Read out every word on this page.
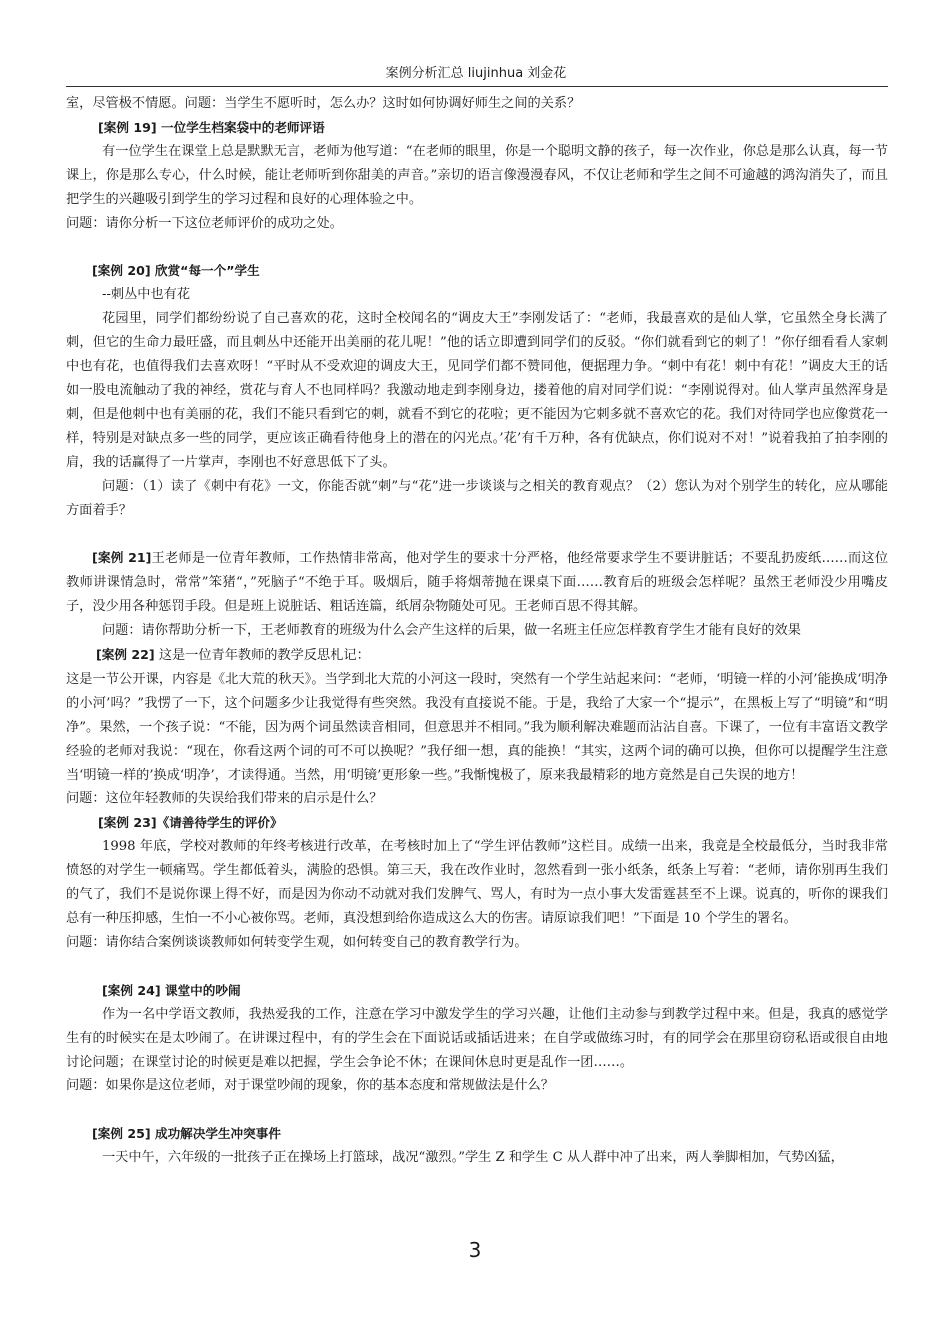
案例分析汇总 liujinhua 刘金花

室，尽管极不情愿。问题：当学生不愿听时，怎么办？这时如何协调好师生之间的关系？

[案例 19] 一位学生档案袋中的老师评语

有一位学生在课堂上总是默默无言，老师为他写道：“在老师的眼里，你是一个聪明文静的孩子，每一次作业，你总是那么认真，每一节课上，你是那么专心，什么时候，能让老师听到你甜美的声音。”亲切的语言像漫漫春风，不仅让老师和学生之间不可逾越的鸿沟消失了，而且把学生的兴趣吸引到学生的学习过程和良好的心理体验之中。

问题：请你分析一下这位老师评价的成功之处。

[案例 20] 欣赏“每一个”学生

--刺丛中也有花

花园里，同学们都纷纷说了自己喜欢的花，这时全校闻名的“调皮大王”李刚发话了：“老师，我最喜欢的是仙人掌，它虽然全身长满了刺，但它的生命力最旺盛，而且刺丛中还能开出美丽的花儿呢！”他的话立即遭到同学们的反驳。“你们就看到它的刺了！”你仔细看看人家刺中也有花，也值得我们去喜欢呀！“平时从不受欢迎的调皮大王，见同学们都不赞同他，便据理力争。“刺中有花！刺中有花！”调皮大王的话如一股电流触动了我的神经，赏花与育人不也同样吗？我激动地走到李刚身边，搂着他的肩对同学们说：“李刚说得对。仙人掌声虽然浑身是刺，但是他刺中也有美丽的花，我们不能只看到它的刺，就看不到它的花啦；更不能因为它刺多就不喜欢它的花。我们对待同学也应像赏花一样，特别是对缺点多一些的同学，更应该正确看待他身上的潜在的闪光点。’花’有千万种，各有优缺点，你们说对不对！”说着我拍了拍李刚的肩，我的话赢得了一片掌声，李刚也不好意思低下了头。

问题：（1）读了《刺中有花》一文，你能否就“刺”与“花”进一步谈谈与之相关的教育观点？（2）您认为对个别学生的转化，应从哪能方面着手？

[案例 21]王老师是一位青年教师，工作热情非常高，他对学生的要求十分严格，他经常要求学生不要讲脏话；不要乱扔废纸……而这位教师讲课情急时，常常”笨猪“，”死脑子“不绝于耳。吸烟后，随手将烟蒂抛在课桌下面……教育后的班级会怎样呢？虽然王老师没少用嘴皮子，没少用各种惩罚手段。但是班上说脏话、粗话连篇，纸屑杂物随处可见。王老师百思不得其解。

问题：请你帮助分析一下，王老师教育的班级为什么会产生这样的后果，做一名班主任应怎样教育学生才能有良好的效果

[案例 22] 这是一位青年教师的教学反思札记：

这是一节公开课，内容是《北大荒的秋天》。当学到北大荒的小河这一段时，突然有一个学生站起来问：“老师，‘明镜一样的小河’能换成‘明净的小河’吗？”我愣了一下，这个问题多少让我觉得有些突然。我没有直接说不能。于是，我给了大家一个“提示”，在黑板上写了“明镜”和“明净”。果然，一个孩子说：“不能，因为两个词虽然读音相同，但意思并不相同。”我为顺利解决难题而沾沾自喜。下课了，一位有丰富语文教学经验的老师对我说：“现在，你看这两个词的可不可以换呢？”我仔细一想，真的能换！“其实，这两个词的确可以换，但你可以提醒学生注意当‘明镜一样的’换成‘明净’，才读得通。当然，用‘明镜’更形象一些。”我惭愧极了，原来我最精彩的地方竟然是自己失误的地方！

问题：这位年轻教师的失误给我们带来的启示是什么？

[案例 23]《请善待学生的评价》

1998 年底，学校对教师的年终考核进行改革，在考核时加上了“学生评估教师”这栏目。成绩一出来，我竟是全校最低分，当时我非常愤怒的对学生一顿痛骂。学生都低着头，满脸的恐惧。第三天，我在改作业时，忽然看到一张小纸条，纸条上写着：“老师，请你别再生我们的气了，我们不是说你课上得不好，而是因为你动不动就对我们发脾气、骂人，有时为一点小事大发雷霆甚至不上课。说真的，听你的课我们总有一种压抑感，生怕一不小心被你骂。老师，真没想到给你造成这么大的伤害。请原谅我们吧！”下面是 10 个学生的署名。

问题：请你结合案例谈谈教师如何转变学生观，如何转变自己的教育教学行为。

[案例 24] 课堂中的吵闹

作为一名中学语文教师，我热爱我的工作，注意在学习中激发学生的学习兴趣，让他们主动参与到教学过程中来。但是，我真的感觉学生有的时候实在是太吵闹了。在讲课过程中，有的学生会在下面说话或插话进来；在自学或做练习时，有的同学会在那里窃窃私语或很自由地讨论问题；在课堂讨论的时候更是难以把握，学生会争论不休；在课间休息时更是乱作一团……。

问题：如果你是这位老师，对于课堂吵闹的现象，你的基本态度和常规做法是什么？

[案例 25] 成功解决学生冲突事件

一天中午，六年级的一批孩子正在操场上打篮球，战况“激烈。”学生 Z 和学生 C 从人群中冲了出来，两人拳脚相加，气势凶猛，

3
